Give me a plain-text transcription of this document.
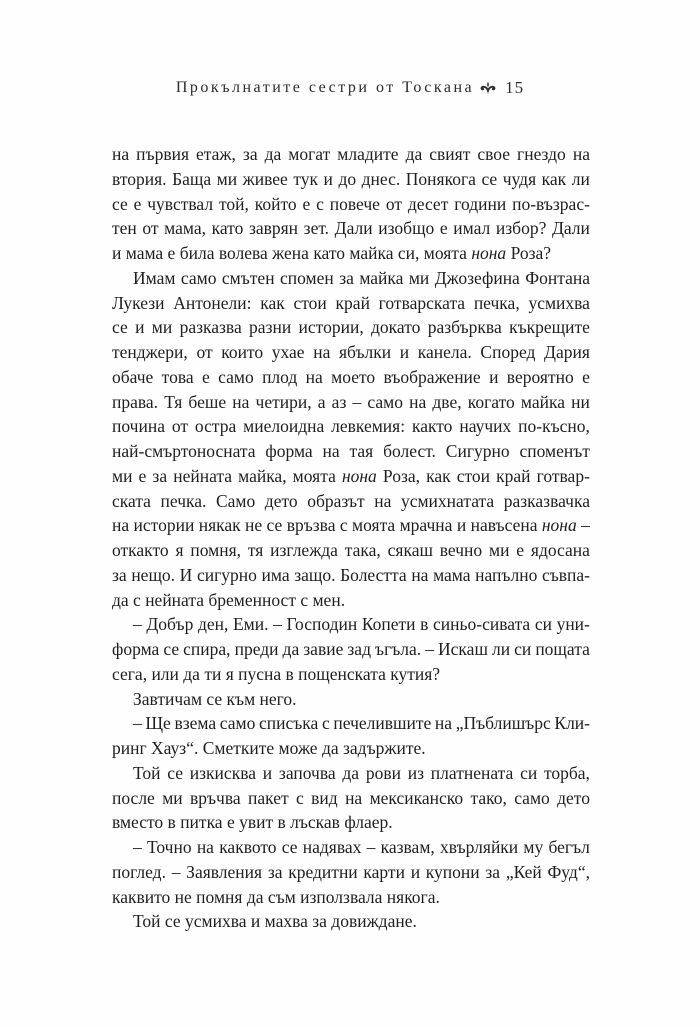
Прокълнатите сестри от Тоскана 15
на първия етаж, за да могат младите да свият свое гнездо на
втория. Баща ми живее тук и до днес. Понякога се чудя как ли
се е чувствал той, който е с повече от десет години по-възрас-
тен от мама, като заврян зет. Дали изобщо е имал избор? Дали
и мама е била волева жена като майка си, моята нона Роза?
Имам само смътен спомен за майка ми Джозефина Фонтана
Лукези Антонели: как стои край готварската печка, усмихва
се и ми разказва разни истории, докато разбърква къкрещите
тенджери, от които ухае на ябълки и канела. Според Дария
обаче това е само плод на моето въображение и вероятно е
права. Тя беше на четири, а аз – само на две, когато майка ни
почина от остра миелоидна левкемия: както научих по-късно,
най-смъртоносната форма на тая болест. Сигурно споменът
ми е за нейната майка, моята нона Роза, как стои край готвар-
ската печка. Само дето образът на усмихнатата разказвачка
на истории някак не се връзва с моята мрачна и навъсена нона –
откакто я помня, тя изглежда така, сякаш вечно ми е ядосана
за нещо. И сигурно има защо. Болестта на мама напълно съвпа-
да с нейната бременност с мен.
– Добър ден, Еми. – Господин Копети в синьо-сивата си уни-
форма се спира, преди да завие зад ъгъла. – Искаш ли си пощата
сега, или да ти я пусна в пощенската кутия?
Завтичам се към него.
– Ще взема само списъка с печелившите на „Пъблишърс Кли-
ринг Хауз“. Сметките може да задържите.
Той се изкисква и започва да рови из платнената си торба,
после ми връчва пакет с вид на мексиканско тако, само дето
вместо в питка е увит в лъскав флаер.
– Точно на каквото се надявах – казвам, хвърляйки му бегъл
поглед. – Заявления за кредитни карти и купони за „Кей Фуд“,
каквито не помня да съм използвала някога.
Той се усмихва и махва за довиждане.
